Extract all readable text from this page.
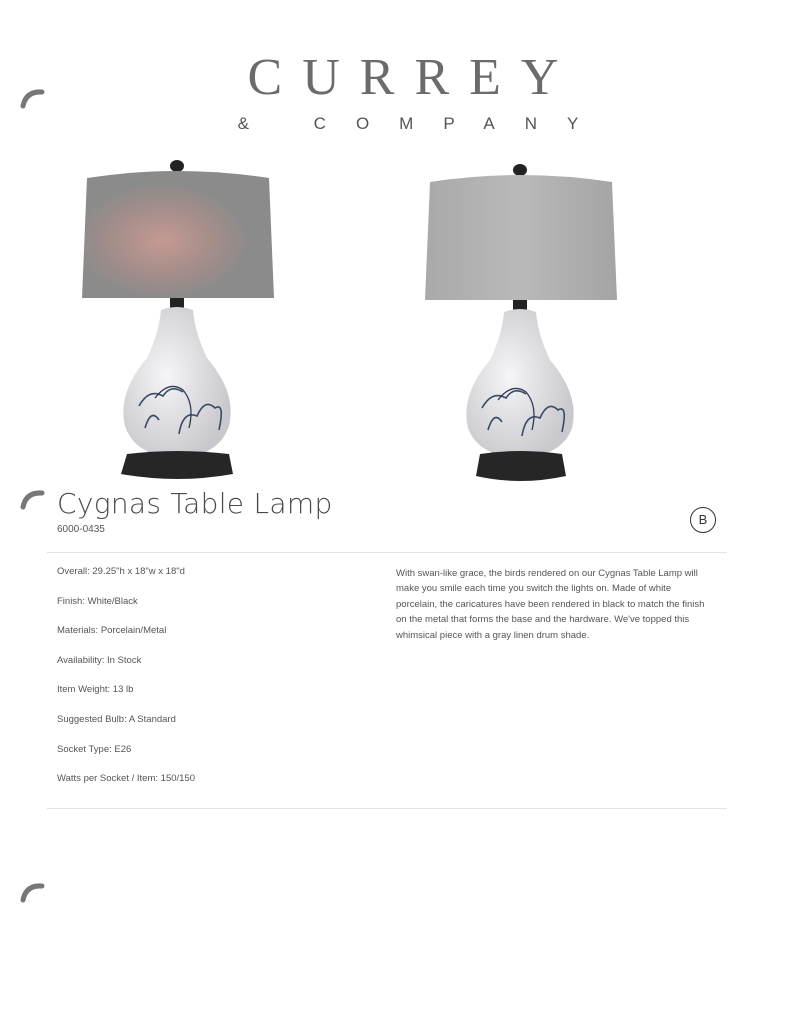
CURREY
& COMPANY
Cygnas Table Lamp
6000-0435
B
Overall: 29.25"h x 18"w x 18"d
Finish: White/Black
Materials: Porcelain/Metal
Availability: In Stock
Item Weight: 13 lb
Suggested Bulb: A Standard
Socket Type: E26
Watts per Socket / Item: 150/150
With swan-like grace, the birds rendered on our Cygnas Table Lamp will make you smile each time you switch the lights on. Made of white porcelain, the caricatures have been rendered in black to match the finish on the metal that forms the base and the hardware. We've topped this whimsical piece with a gray linen drum shade.
